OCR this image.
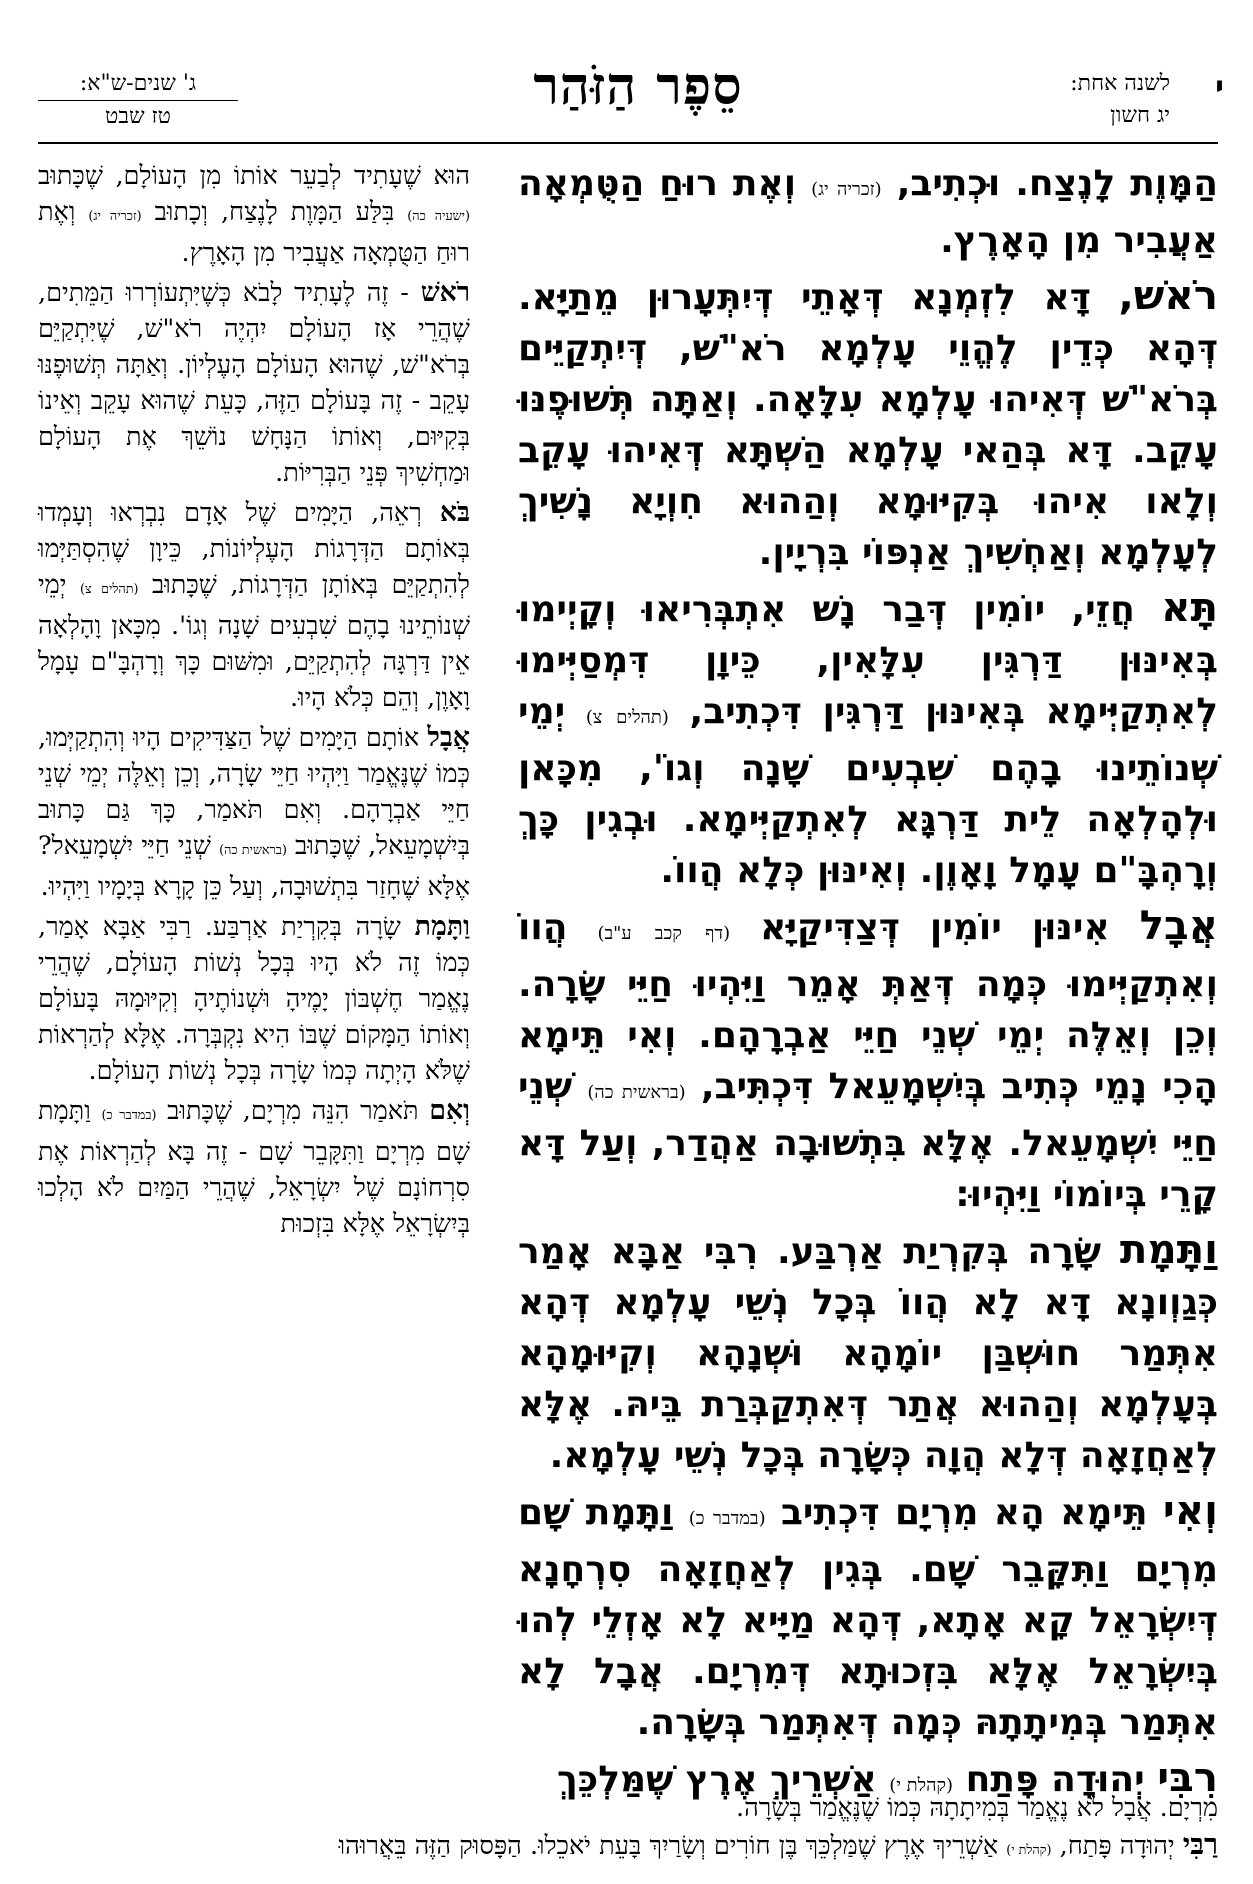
י
לשנה אחת:
יג חשון
סֵפֶר הַזֹּהַר
ג' שנים-ש"א:
טז שבט

הַמָּוֶת לָנֶצַח. וּכְתִיב, (זכריה יג) וְאֶת רוּחַ הַטֻּמְאָה אַעֲבִיר מִן הָאָרֶץ.

רֹאשׁ, דָּא לִזְמְנָא דְּאָתֵי דְּיִתְּעָרוּן מֵתַיָּא. דְּהָא כְּדֵין לֶהֱוֵי עָלְמָא רֹא"שׁ, דְּיִתְקַיֵּים בְּרֹא"שׁ דְּאִיהוּ עָלְמָא עִלָּאָה. וְאַתָּה תְּשׁוּפֶנּוּ עָקֵב. דָּא בְּהַאי עָלְמָא הַשְׁתָּא דְּאִיהוּ עָקֵב וְלָאו אִיהוּ בְּקִיּוּמָא וְהַהוּא חִוְיָא נָשִׁיךְ לְעָלְמָא וְאַחְשִׁיךְ אַנְפּוֹי בִּרְיָין.

תָּא חֲזֵי, יוֹמִין דְּבַר נָשׁ אִתְבְּרִיאוּ וְקָיְימוּ בְּאִינּוּן דַּרְגִּין עִלָּאִין, כֵּיוָן דִּמְסַיְּימוּ לְאִתְקַיְּימָא בְּאִינּוּן דַּרְגִּין דִּכְתִיב, (תהלים צ) יְמֵי שְׁנוֹתֵינוּ בָהֶם שִׁבְעִים שָׁנָה וְגוֹ', מִכָּאן וּלְהָלְאָה לֵית דַּרְגָּא לְאִתְקַיְּימָא. וּבְגִין כָּךְ וְרָהְבָּ"ם עָמָל וָאָוֶן. וְאִינּוּן כְּלָא הֲווֹ.

אֲבָל אִינּוּן יוֹמִין דְּצַדִּיקַיָּא (דף קכב ע"ב) הֲווֹ וְאִתְקַיְּימוּ כְּמָה דְּאַתְּ אָמֵר וַיִּהְיוּ חַיֵּי שָׂרָה. וְכֵן וְאֵלֶּה יְמֵי שְׁנֵי חַיֵּי אַבְרָהָם. וְאִי תֵּימָא הָכִי נָמֵי כְּתִיב בְּיִשְׁמָעֵאל דִּכְתִּיב, (בראשית כה) שְׁנֵי חַיֵּי יִשְׁמָעֵאל. אֶלָּא בִּתְשׁוּבָה אַהֲדַר, וְעַל דָּא קָרֵי בְּיוֹמוֹי וַיִּהְיוּ:

וַתָּמָת שָׂרָה בְּקִרְיַת אַרְבַּע. רִבִּי אַבָּא אָמַר כְּגַוְונָא דָּא לָא הֲווֹ בְּכָל נְשֵׁי עָלְמָא דְּהָא אִתְּמַר חוּשְׁבַּן יוֹמָהָא וּשְׁנָהָא וְקִיּוּמָהָא בְּעָלְמָא וְהַהוּא אֲתַר דְּאִתְקַבְּרַת בֵּיהּ. אֶלָּא לְאַחֲזָאָה דְּלָא הֲוָה כְּשָׂרָה בְּכָל נְשֵׁי עָלְמָא.

וְאִי תֵּימָא הָא מִרְיָם דִּכְתִיב (במדבר כ) וַתָּמָת שָׁם מִרְיָם וַתִּקָּבֵר שָׁם. בְּגִין לְאַחֲזָאָה סִרְחָנָא דְּיִשְׂרָאֵל קָא אָתָא, דְּהָא מַיָּיא לָא אָזְלֵי לְהוּ בְּיִשְׂרָאֵל אֶלָּא בִּזְכוּתָא דְּמִרְיָם. אֲבָל לָא אִתְּמַר בְּמִיתָתָהּ כְּמָה דְּאִתְּמַר בְּשָׂרָה.

רִבִּי יְהוּדָה פָּתַח (קהלת י) אַשְׁרֵיךְ אֶרֶץ שֶׁמַּלְכֵּךְ

הוּא שֶׁעָתִיד לְבַעֵר אוֹתוֹ מִן הָעוֹלָם, שֶׁכָּתוּב (ישעיה כה) בִּלַּע הַמָּוֶת לָנֶצַח, וְכָתוּב (זכריה יג) וְאֶת רוּחַ הַטֻּמְאָה אַעֲבִיר מִן הָאָרֶץ.

רֹאשׁ - זֶה לֶעָתִיד לָבֹא כְּשֶׁיִּתְעוֹרְרוּ הַמֵּתִים, שֶׁהֲרֵי אָז הָעוֹלָם יִהְיֶה רֹא"שׁ, שֶׁיִּתְקַיֵּם בְּרֹא"שׁ, שֶׁהוּא הָעוֹלָם הָעֶלְיוֹן. וְאַתָּה תְּשׁוּפֶנּוּ עָקֵב - זֶה בָּעוֹלָם הַזֶּה, כָּעֵת שֶׁהוּא עָקֵב וְאֵינוֹ בְּקִיּוּם, וְאוֹתוֹ הַנָּחָשׁ נוֹשֵׁךְ אֶת הָעוֹלָם וּמַחְשִׁיךְ פְּנֵי הַבְּרִיּוֹת.

בֹּא רְאֵה, הַיָּמִים שֶׁל אָדָם נִבְרְאוּ וְעָמְדוּ בְּאוֹתָם הַדְּרָגוֹת הָעֶלְיוֹנוֹת, כֵּיוָן שֶׁהִסְתַּיְּמוּ לְהִתְקַיֵּם בְּאוֹתָן הַדְּרָגוֹת, שֶׁכָּתוּב (תהלים צ) יְמֵי שְׁנוֹתֵינוּ בָהֶם שִׁבְעִים שָׁנָה וְגוֹ'. מִכָּאן וָהָלְאָה אֵין דַּרְגָּה לְהִתְקַיֵּם, וּמִשּׁוּם כָּךְ וְרָהְבָּ"ם עָמָל וָאָוֶן, וְהֵם כְּלֹא הָיוּ.

אֲבָל אוֹתָם הַיָּמִים שֶׁל הַצַּדִּיקִים הָיוּ וְהִתְקַיְּמוּ, כְּמוֹ שֶׁנֶּאֱמַר וַיִּהְיוּ חַיֵּי שָׂרָה, וְכֵן וְאֵלֶּה יְמֵי שְׁנֵי חַיֵּי אַבְרָהָם. וְאִם תֹּאמַר, כָּךְ גַּם כָּתוּב בְּיִשְׁמָעֵאל, שֶׁכָּתוּב (בראשית כה) שְׁנֵי חַיֵּי יִשְׁמָעֵאל? אֶלָּא שֶׁחָזַר בִּתְשׁוּבָה, וְעַל כֵּן קָרָא בְּיָמָיו וַיִּהְיוּ.

וַתָּמָת שָׂרָה בְּקִרְיַת אַרְבַּע. רַבִּי אַבָּא אָמַר, כְּמוֹ זֶה לֹא הָיוּ בְּכָל נְשׁוֹת הָעוֹלָם, שֶׁהֲרֵי נֶאֱמַר חֶשְׁבּוֹן יָמֶיהָ וּשְׁנוֹתֶיהָ וְקִיּוּמָהּ בָּעוֹלָם וְאוֹתוֹ הַמָּקוֹם שֶׁבּוֹ הִיא נִקְבְּרָה. אֶלָּא לְהַרְאוֹת שֶׁלֹּא הָיְתָה כְּמוֹ שָׂרָה בְּכָל נְשׁוֹת הָעוֹלָם.

וְאִם תֹּאמַר הִנֵּה מִרְיָם, שֶׁכָּתוּב (במדבר כ) וַתָּמָת שָׁם מִרְיָם וַתִּקָּבֵר שָׁם - זֶה בָּא לְהַרְאוֹת אֶת סִרְחוֹנָם שֶׁל יִשְׂרָאֵל, שֶׁהֲרֵי הַמַּיִם לֹא הָלְכוּ בְּיִשְׂרָאֵל אֶלָּא בִּזְכוּת

מִרְיָם. אֲבָל לֹא נֶאֱמַר בְּמִיתָתָהּ כְּמוֹ שֶׁנֶּאֱמַר בְּשָׂרָה.

רַבִּי יְהוּדָה פָּתַח, (קהלת י) אַשְׁרֵיךְ אֶרֶץ שֶׁמַּלְכֵּךְ בֶּן חוֹרִים וְשָׂרַיִךְ בָּעֵת יֹאכֵלוּ. הַפָּסוּק הַזֶּה בֵּאֲרוּהוּ
